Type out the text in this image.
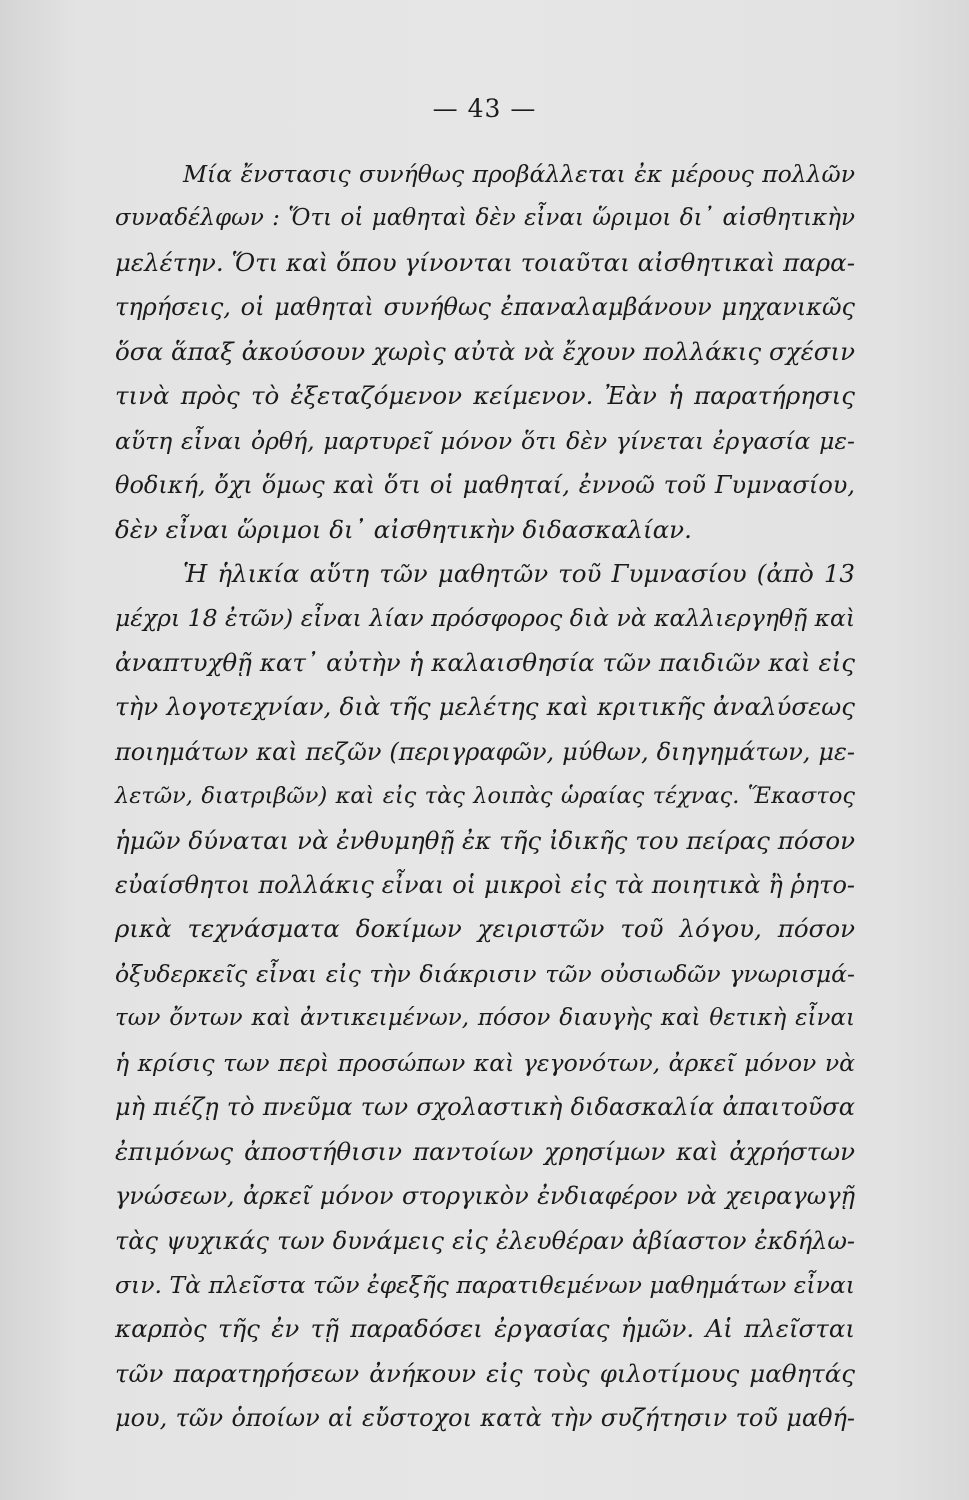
— 43 —
Μία ἔνστασις συνήθως προβάλλεται ἐκ μέρους πολλῶν
συναδέλφων : Ὅτι οἱ μαθηταὶ δὲν εἶναι ὥριμοι δι᾽ αἰσθητικὴν
μελέτην. Ὅτι καὶ ὅπου γίνονται τοιαῦται αἰσθητικαὶ παρα-
τηρήσεις, οἱ μαθηταὶ συνήθως ἐπαναλαμβάνουν μηχανικῶς
ὅσα ἅπαξ ἀκούσουν χωρὶς αὐτὰ νὰ ἔχουν πολλάκις σχέσιν
τινὰ πρὸς τὸ ἐξεταζόμενον κείμενον. Ἐὰν ἡ παρατήρησις
αὕτη εἶναι ὀρθή, μαρτυρεῖ μόνον ὅτι δὲν γίνεται ἐργασία με-
θοδική, ὄχι ὅμως καὶ ὅτι οἱ μαθηταί, ἐννοῶ τοῦ Γυμνασίου,
δὲν εἶναι ὥριμοι δι᾽ αἰσθητικὴν διδασκαλίαν.
Ἡ ἡλικία αὕτη τῶν μαθητῶν τοῦ Γυμνασίου (ἀπὸ 13
μέχρι 18 ἐτῶν) εἶναι λίαν πρόσφορος διὰ νὰ καλλιεργηθῇ καὶ
ἀναπτυχθῇ κατ᾽ αὐτὴν ἡ καλαισθησία τῶν παιδιῶν καὶ εἰς
τὴν λογοτεχνίαν, διὰ τῆς μελέτης καὶ κριτικῆς ἀναλύσεως
ποιημάτων καὶ πεζῶν (περιγραφῶν, μύθων, διηγημάτων, με-
λετῶν, διατριβῶν) καὶ εἰς τὰς λοιπὰς ὡραίας τέχνας. Ἕκαστος
ἡμῶν δύναται νὰ ἐνθυμηθῇ ἐκ τῆς ἰδικῆς του πείρας πόσον
εὐαίσθητοι πολλάκις εἶναι οἱ μικροὶ εἰς τὰ ποιητικὰ ἢ ῥητο-
ρικὰ τεχνάσματα δοκίμων χειριστῶν τοῦ λόγου, πόσον
ὀξυδερκεῖς εἶναι εἰς τὴν διάκρισιν τῶν οὐσιωδῶν γνωρισμά-
των ὄντων καὶ ἀντικειμένων, πόσον διαυγὴς καὶ θετικὴ εἶναι
ἡ κρίσις των περὶ προσώπων καὶ γεγονότων, ἀρκεῖ μόνον νὰ
μὴ πιέζῃ τὸ πνεῦμα των σχολαστικὴ διδασκαλία ἀπαιτοῦσα
ἐπιμόνως ἀποστήθισιν παντοίων χρησίμων καὶ ἀχρήστων
γνώσεων, ἀρκεῖ μόνον στοργικὸν ἐνδιαφέρον νὰ χειραγωγῇ
τὰς ψυχικάς των δυνάμεις εἰς ἐλευθέραν ἀβίαστον ἐκδήλω-
σιν. Τὰ πλεῖστα τῶν ἐφεξῆς παρατιθεμένων μαθημάτων εἶναι
καρπὸς τῆς ἐν τῇ παραδόσει ἐργασίας ἡμῶν. Αἱ πλεῖσται
τῶν παρατηρήσεων ἀνήκουν εἰς τοὺς φιλοτίμους μαθητάς
μου, τῶν ὁποίων αἱ εὔστοχοι κατὰ τὴν συζήτησιν τοῦ μαθή-
